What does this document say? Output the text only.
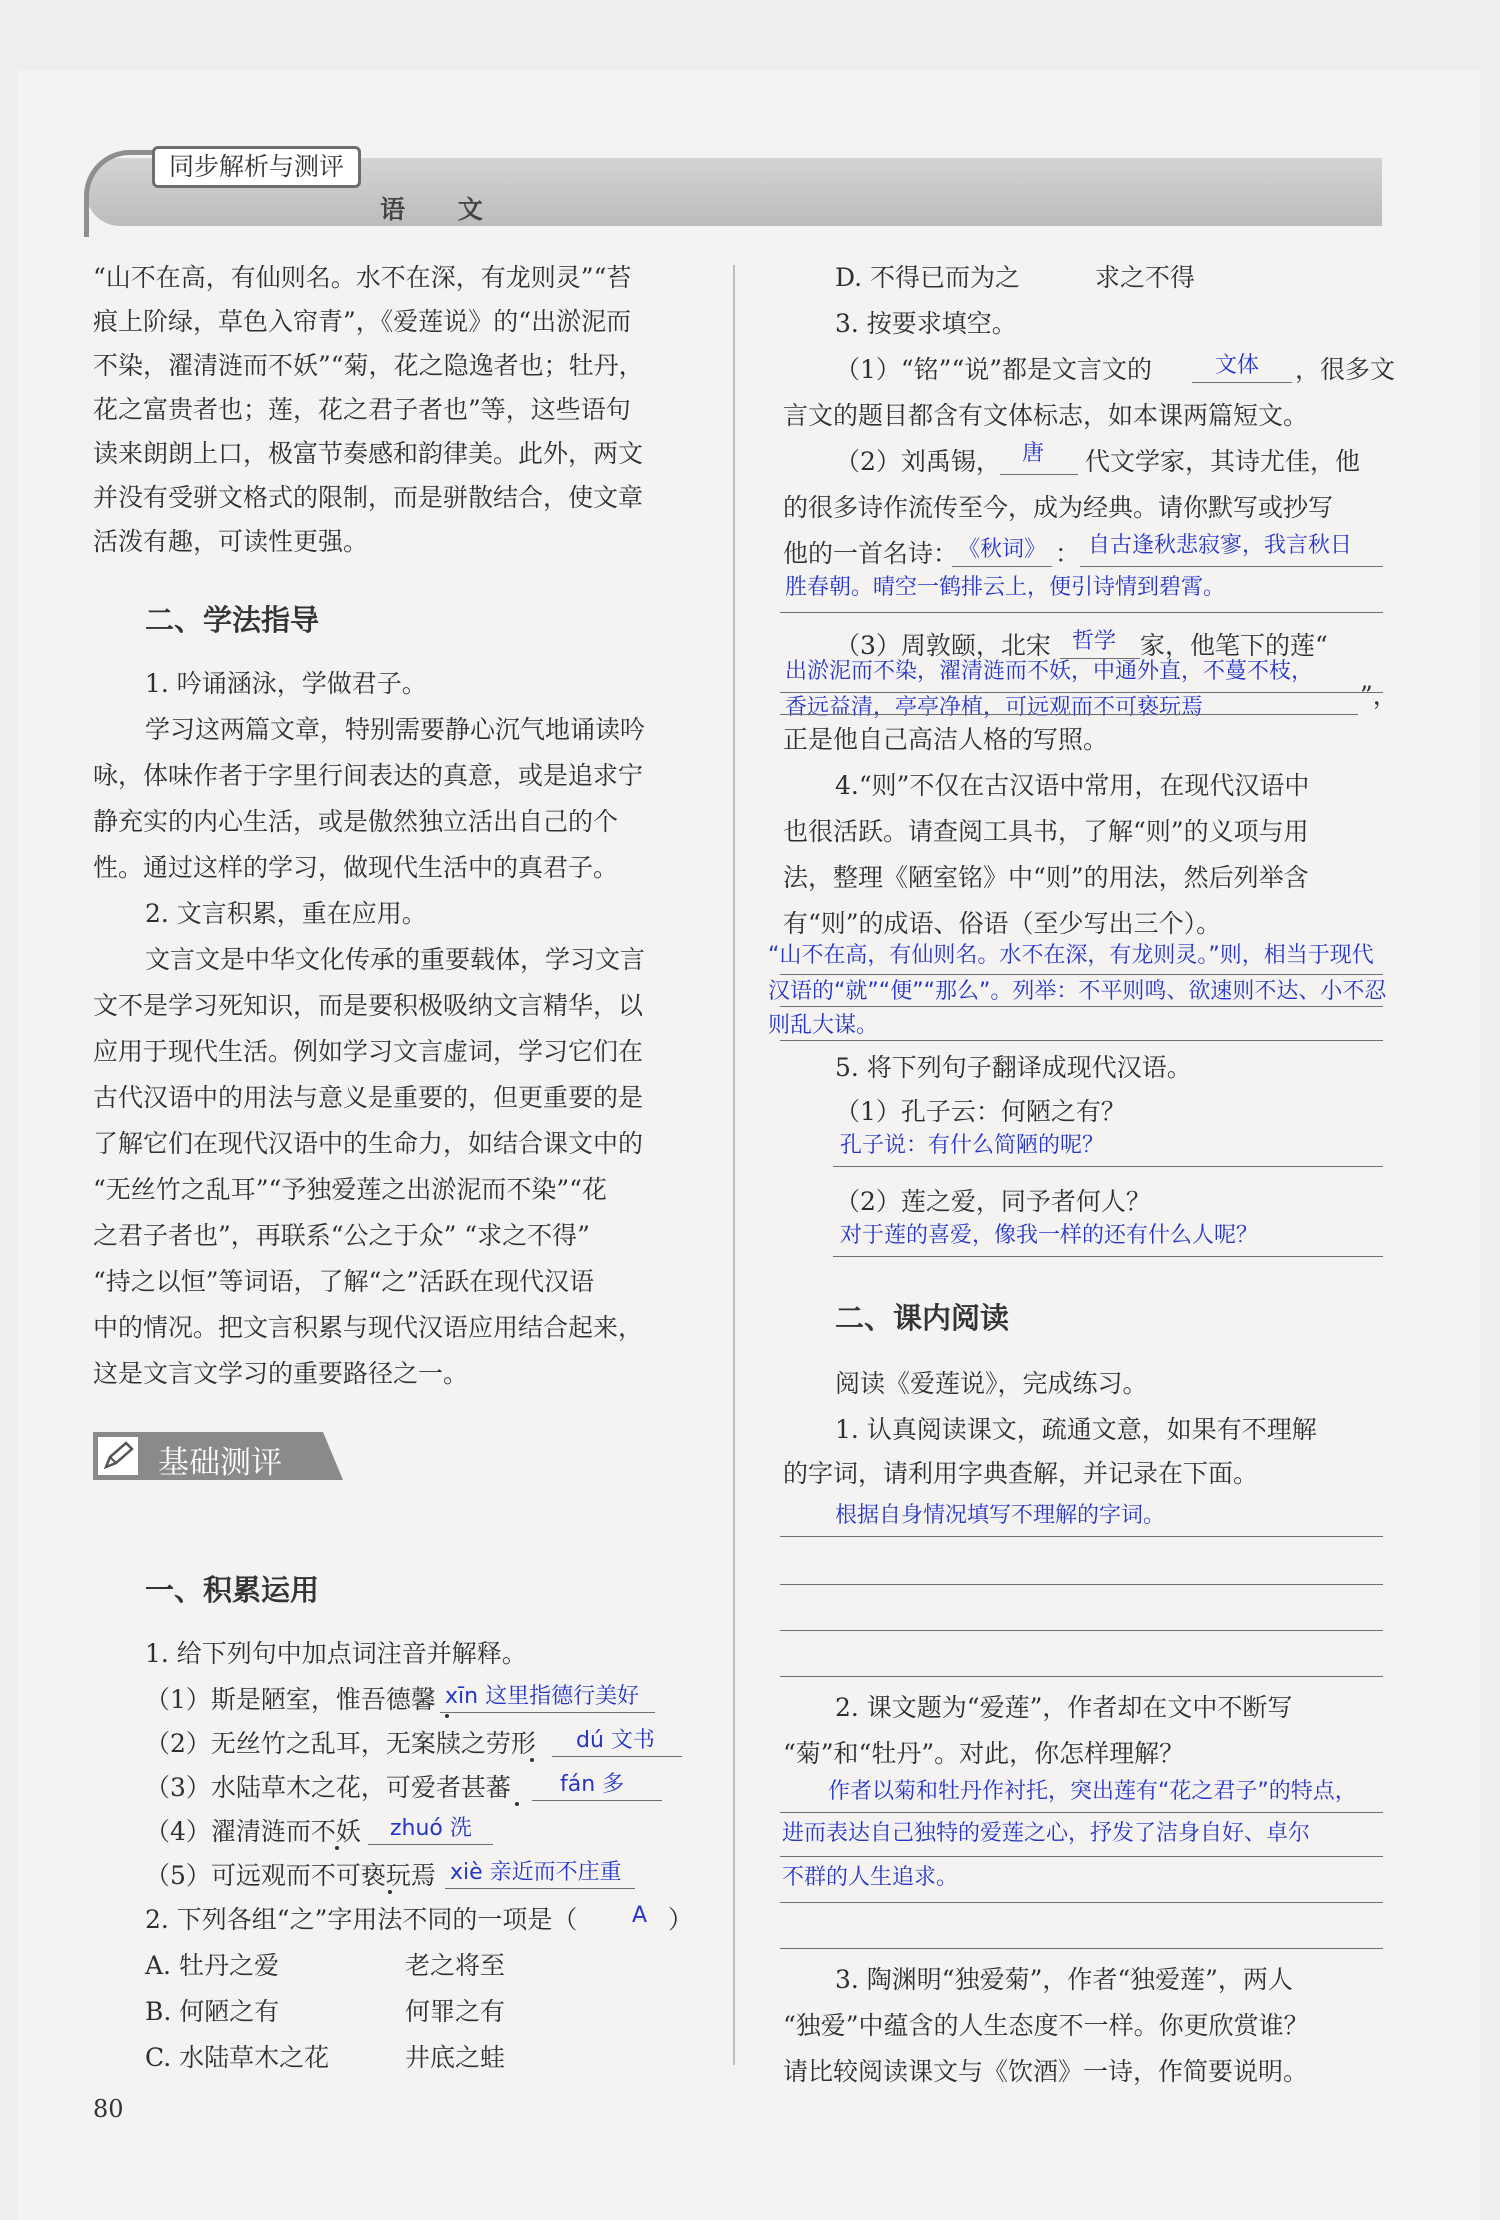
同步解析与测评
语 文
“山不在高，有仙则名。水不在深，有龙则灵”“苔
痕上阶绿，草色入帘青”，《爱莲说》的“出淤泥而
不染，濯清涟而不妖”“菊，花之隐逸者也；牡丹，
花之富贵者也；莲，花之君子者也”等，这些语句
读来朗朗上口，极富节奏感和韵律美。此外，两文
并没有受骈文格式的限制，而是骈散结合，使文章
活泼有趣，可读性更强。
二、学法指导
1. 吟诵涵泳，学做君子。
学习这两篇文章，特别需要静心沉气地诵读吟
咏，体味作者于字里行间表达的真意，或是追求宁
静充实的内心生活，或是傲然独立活出自己的个
性。通过这样的学习，做现代生活中的真君子。
2. 文言积累，重在应用。
文言文是中华文化传承的重要载体，学习文言
文不是学习死知识，而是要积极吸纳文言精华，以
应用于现代生活。例如学习文言虚词，学习它们在
古代汉语中的用法与意义是重要的，但更重要的是
了解它们在现代汉语中的生命力，如结合课文中的
“无丝竹之乱耳”“予独爱莲之出淤泥而不染”“花
之君子者也”，再联系“公之于众” “求之不得”
“持之以恒”等词语，了解“之”活跃在现代汉语
中的情况。把文言积累与现代汉语应用结合起来，
这是文言文学习的重要路径之一。
基础测评
一、积累运用
1. 给下列句中加点词注音并解释。
（1）斯是陋室，惟吾德馨 xīn 这里指德行美好
（2）无丝竹之乱耳，无案牍之劳形 dú 文书
（3）水陆草木之花，可爱者甚蕃 fán 多
（4）濯清涟而不妖 zhuó 洗
（5）可远观而不可亵玩焉 xiè 亲近而不庄重
2. 下列各组“之”字用法不同的一项是（ A ）
A. 牡丹之爱	老之将至
B. 何陋之有	何罪之有
C. 水陆草木之花	井底之蛙
80
D. 不得已而为之	求之不得
3. 按要求填空。
（1）“铭”“说”都是文言文的	文体 ，很多文
言文的题目都含有文体标志，如本课两篇短文。
（2）刘禹锡， 唐 代文学家，其诗尤佳，他
的很多诗作流传至今，成为经典。请你默写或抄写
他的一首名诗： 《秋词》 ： 自古逢秋悲寂寥，我言秋日
胜春朝。晴空一鹤排云上，便引诗情到碧霄。
（3）周敦颐，北宋 哲学 家，他笔下的莲“
出淤泥而不染，濯清涟而不妖，中通外直，不蔓不枝，
香远益清，亭亭净植，可远观而不可亵玩焉	”，
正是他自己高洁人格的写照。
4.“则”不仅在古汉语中常用，在现代汉语中
也很活跃。请查阅工具书，了解“则”的义项与用
法，整理《陋室铭》中“则”的用法，然后列举含
有“则”的成语、俗语（至少写出三个）。
“山不在高，有仙则名。水不在深，有龙则灵。”则，相当于现代
汉语的“就”“便”“那么”。列举：不平则鸣、欲速则不达、小不忍
则乱大谋。
5. 将下列句子翻译成现代汉语。
（1）孔子云：何陋之有？
孔子说：有什么简陋的呢？
（2）莲之爱，同予者何人？
对于莲的喜爱，像我一样的还有什么人呢？
二、课内阅读
阅读《爱莲说》，完成练习。
1. 认真阅读课文，疏通文意，如果有不理解
的字词，请利用字典查解，并记录在下面。
根据自身情况填写不理解的字词。
2. 课文题为“爱莲”，作者却在文中不断写
“菊”和“牡丹”。对此，你怎样理解？
作者以菊和牡丹作衬托，突出莲有“花之君子”的特点，
进而表达自己独特的爱莲之心，抒发了洁身自好、卓尔
不群的人生追求。
3. 陶渊明“独爱菊”，作者“独爱莲”，两人
“独爱”中蕴含的人生态度不一样。你更欣赏谁？
请比较阅读课文与《饮酒》一诗，作简要说明。
